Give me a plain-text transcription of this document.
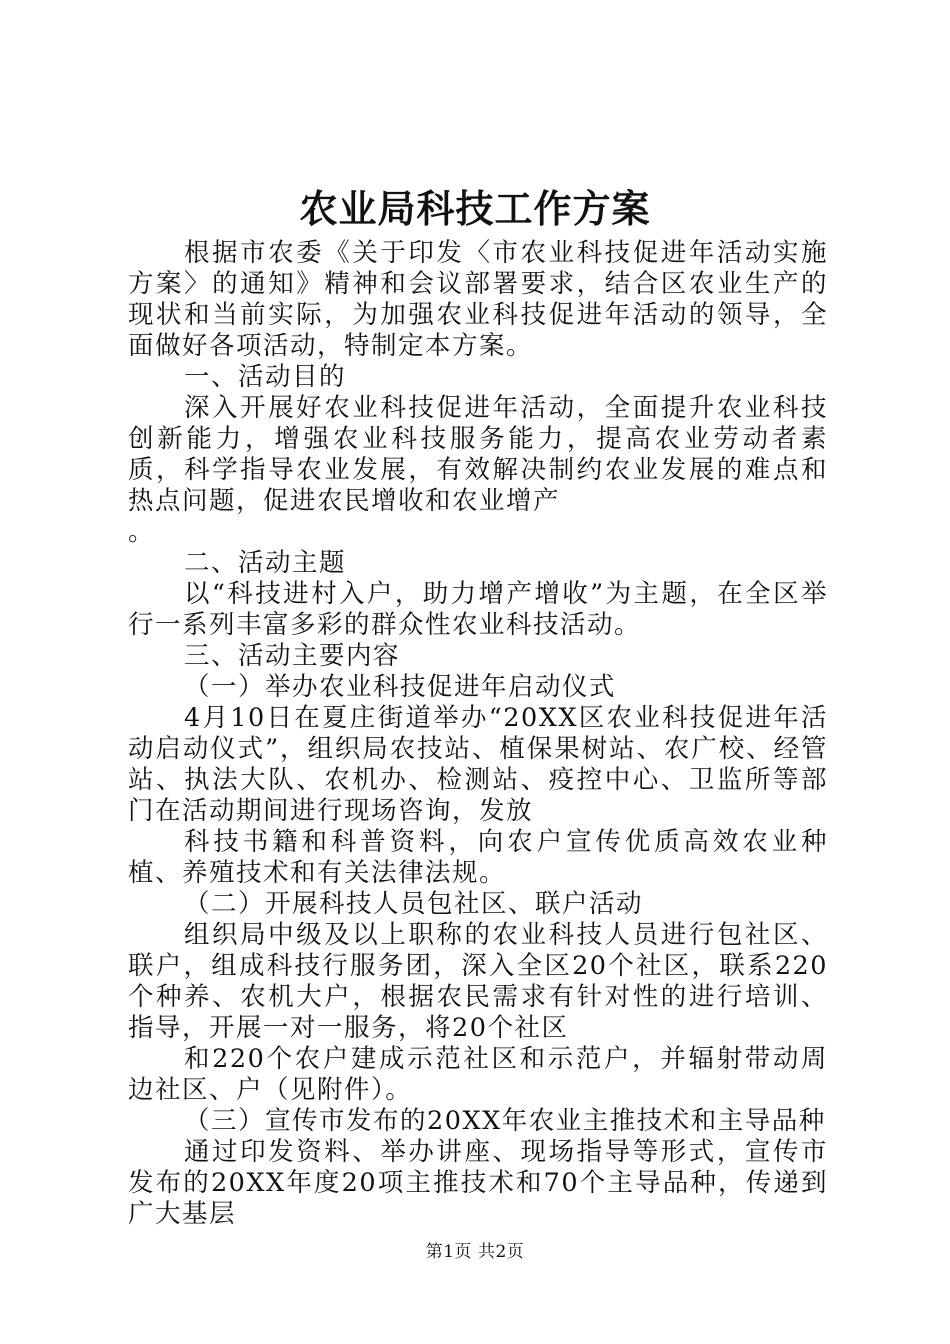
农业局科技工作方案

根据市农委《关于印发〈市农业科技促进年活动实施方案〉的通知》精神和会议部署要求，结合区农业生产的现状和当前实际，为加强农业科技促进年活动的领导，全面做好各项活动，特制定本方案。

一、活动目的

深入开展好农业科技促进年活动，全面提升农业科技创新能力，增强农业科技服务能力，提高农业劳动者素质，科学指导农业发展，有效解决制约农业发展的难点和热点问题，促进农民增收和农业增产

。

二、活动主题

以“科技进村入户，助力增产增收”为主题，在全区举行一系列丰富多彩的群众性农业科技活动。

三、活动主要内容

（一）举办农业科技促进年启动仪式

4月10日在夏庄街道举办“20XX区农业科技促进年活动启动仪式”，组织局农技站、植保果树站、农广校、经管站、执法大队、农机办、检测站、疫控中心、卫监所等部门在活动期间进行现场咨询，发放

科技书籍和科普资料，向农户宣传优质高效农业种植、养殖技术和有关法律法规。

（二）开展科技人员包社区、联户活动

组织局中级及以上职称的农业科技人员进行包社区、联户，组成科技行服务团，深入全区20个社区，联系220个种养、农机大户，根据农民需求有针对性的进行培训、指导，开展一对一服务，将20个社区

和220个农户建成示范社区和示范户，并辐射带动周边社区、户（见附件）。

（三）宣传市发布的20XX年农业主推技术和主导品种

通过印发资料、举办讲座、现场指导等形式，宣传市发布的20XX年度20项主推技术和70个主导品种，传递到广大基层

第1页 共2页
